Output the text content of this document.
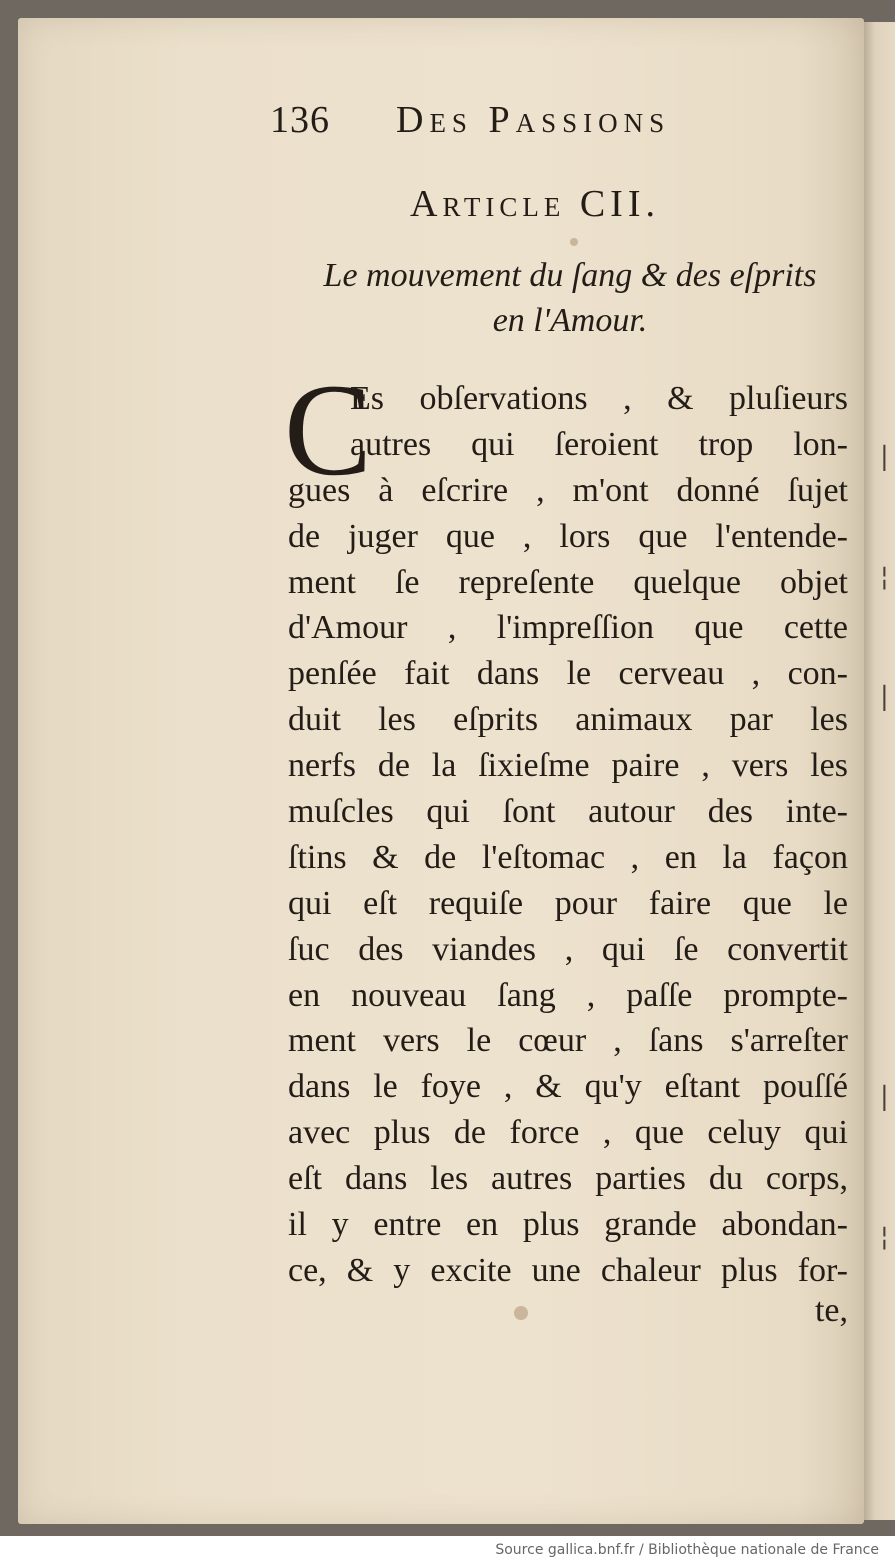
|
¦
|
|
¦
136 Des Passions
Article CII.
Le mouvement du ſang & des eſprits
en l'Amour.
C
Es obſervations , & pluſieurs
autres qui ſeroient trop lon-
gues à eſcrire , m'ont donné ſujet
de juger que , lors que l'entende-
ment ſe repreſente quelque objet
d'Amour , l'impreſſion que cette
penſée fait dans le cerveau , con-
duit les eſprits animaux par les
nerfs de la ſixieſme paire , vers les
muſcles qui ſont autour des inte-
ſtins & de l'eſtomac , en la façon
qui eſt requiſe pour faire que le
ſuc des viandes , qui ſe convertit
en nouveau ſang , paſſe prompte-
ment vers le cœur , ſans s'arreſter
dans le foye , & qu'y eſtant pouſſé
avec plus de force , que celuy qui
eſt dans les autres parties du corps,
il y entre en plus grande abondan-
ce, & y excite une chaleur plus for-
te,
Source gallica.bnf.fr / Bibliothèque nationale de France
